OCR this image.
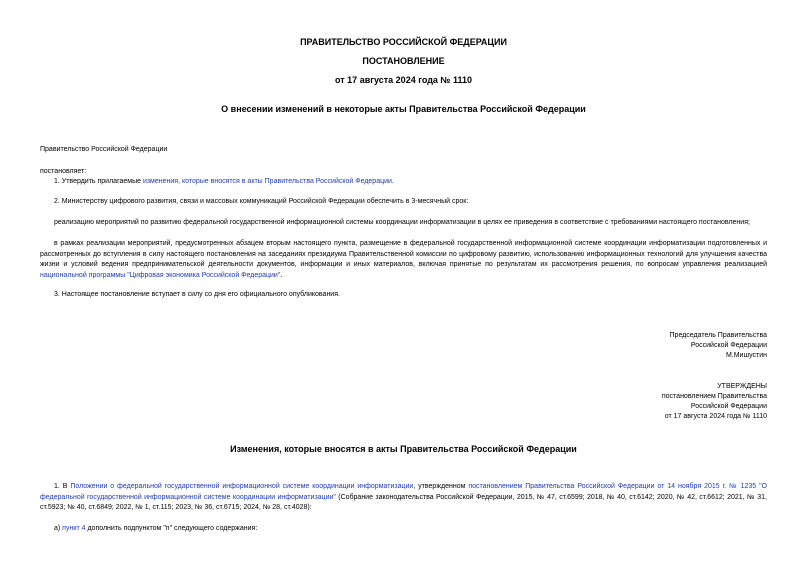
ПРАВИТЕЛЬСТВО РОССИЙСКОЙ ФЕДЕРАЦИИ
ПОСТАНОВЛЕНИЕ
от 17 августа 2024 года № 1110
О внесении изменений в некоторые акты Правительства Российской Федерации

Правительство Российской Федерации

постановляет:

1. Утвердить прилагаемые изменения, которые вносятся в акты Правительства Российской Федерации.

2. Министерству цифрового развития, связи и массовых коммуникаций Российской Федерации обеспечить в 3-месячный срок:

реализацию мероприятий по развитию федеральной государственной информационной системы координации информатизации в целях ее приведения в соответствие с требованиями настоящего постановления;

в рамках реализации мероприятий, предусмотренных абзацем вторым настоящего пункта, размещение в федеральной государственной информационной системе координации информатизации подготовленных и рассмотренных до вступления в силу настоящего постановления на заседаниях президиума Правительственной комиссии по цифровому развитию, использованию информационных технологий для улучшения качества жизни и условий ведения предпринимательской деятельности документов, информации и иных материалов, включая принятые по результатам их рассмотрения решения, по вопросам управления реализацией национальной программы "Цифровая экономика Российской Федерации".

3. Настоящее постановление вступает в силу со дня его официального опубликования.

Председатель Правительства
Российской Федерации
М.Мишустин
УТВЕРЖДЕНЫ
постановлением Правительства
Российской Федерации
от 17 августа 2024 года № 1110
Изменения, которые вносятся в акты Правительства Российской Федерации

1. В Положении о федеральной государственной информационной системе координации информатизации, утвержденном постановлением Правительства Российской Федерации от 14 ноября 2015 г. № 1235 "О федеральной государственной информационной системе координации информатизации" (Собрание законодательства Российской Федерации, 2015, № 47, ст.6599; 2018, № 40, ст.6142; 2020, № 42, ст.6612; 2021, № 31, ст.5923; № 40, ст.6849; 2022, № 1, ст.115; 2023, № 36, ст.6715; 2024, № 28, ст.4028):

а) пункт 4 дополнить подпунктом "п" следующего содержания:
